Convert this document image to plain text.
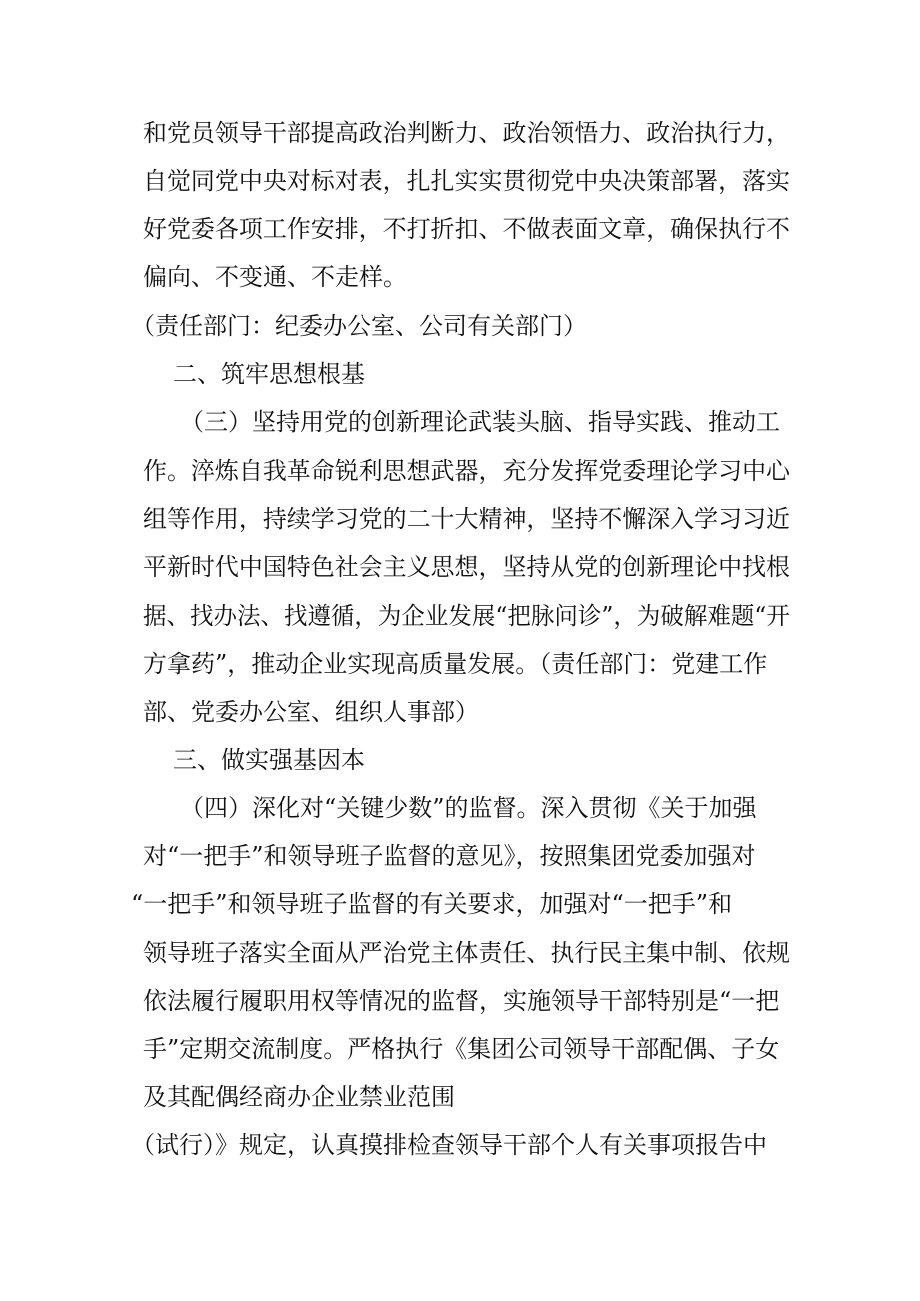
和党员领导干部提高政治判断力、政治领悟力、政治执行力，

自觉同党中央对标对表，扎扎实实贯彻党中央决策部署，落实

好党委各项工作安排，不打折扣、不做表面文章，确保执行不

偏向、不变通、不走样。

（责任部门：纪委办公室、公司有关部门）

二、筑牢思想根基

（三）坚持用党的创新理论武装头脑、指导实践、推动工

作。淬炼自我革命锐利思想武器，充分发挥党委理论学习中心

组等作用，持续学习党的二十大精神，坚持不懈深入学习习近

平新时代中国特色社会主义思想，坚持从党的创新理论中找根

据、找办法、找遵循，为企业发展“把脉问诊”，为破解难题“开

方拿药”，推动企业实现高质量发展。（责任部门：党建工作

部、党委办公室、组织人事部）

三、做实强基因本

（四）深化对“关键少数”的监督。深入贯彻《关于加强

对“一把手”和领导班子监督的意见》，按照集团党委加强对

“一把手”和领导班子监督的有关要求，加强对“一把手”和

领导班子落实全面从严治党主体责任、执行民主集中制、依规

依法履行履职用权等情况的监督，实施领导干部特别是“一把

手”定期交流制度。严格执行《集团公司领导干部配偶、子女

及其配偶经商办企业禁业范围

（试行）》规定，认真摸排检查领导干部个人有关事项报告中
